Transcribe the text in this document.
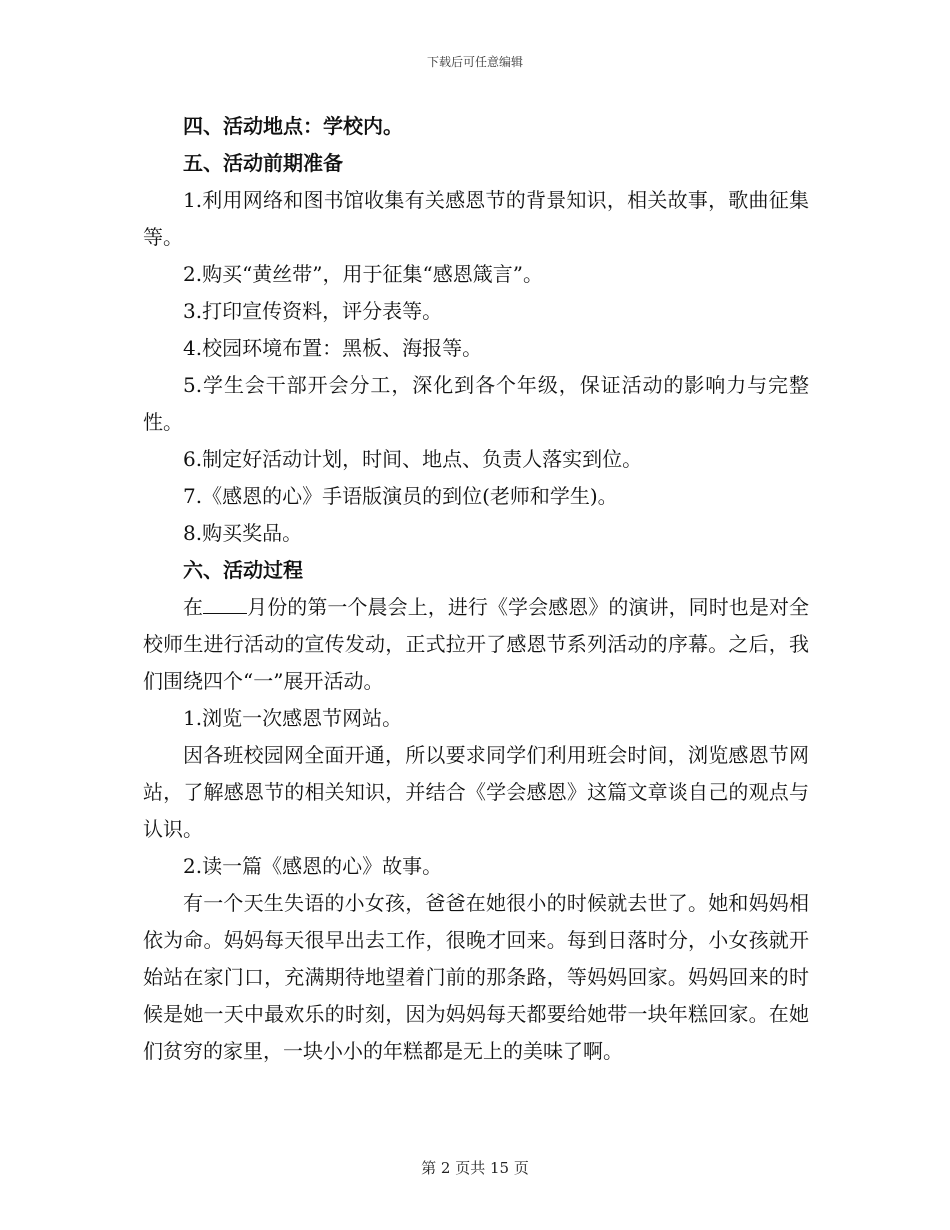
下载后可任意编辑

四、活动地点：学校内。

五、活动前期准备

1.利用网络和图书馆收集有关感恩节的背景知识，相关故事，歌曲征集等。

2.购买“黄丝带”，用于征集“感恩箴言”。

3.打印宣传资料，评分表等。

4.校园环境布置：黑板、海报等。

5.学生会干部开会分工，深化到各个年级，保证活动的影响力与完整性。

6.制定好活动计划，时间、地点、负责人落实到位。

7.《感恩的心》手语版演员的到位(老师和学生)。

8.购买奖品。

六、活动过程

在 月份的第一个晨会上，进行《学会感恩》的演讲，同时也是对全校师生进行活动的宣传发动，正式拉开了感恩节系列活动的序幕。之后，我们围绕四个“一”展开活动。

1.浏览一次感恩节网站。

因各班校园网全面开通，所以要求同学们利用班会时间，浏览感恩节网站，了解感恩节的相关知识，并结合《学会感恩》这篇文章谈自己的观点与认识。

2.读一篇《感恩的心》故事。

有一个天生失语的小女孩，爸爸在她很小的时候就去世了。她和妈妈相依为命。妈妈每天很早出去工作，很晚才回来。每到日落时分，小女孩就开始站在家门口，充满期待地望着门前的那条路，等妈妈回家。妈妈回来的时候是她一天中最欢乐的时刻，因为妈妈每天都要给她带一块年糕回家。在她们贫穷的家里，一块小小的年糕都是无上的美味了啊。

第 2 页共 15 页
